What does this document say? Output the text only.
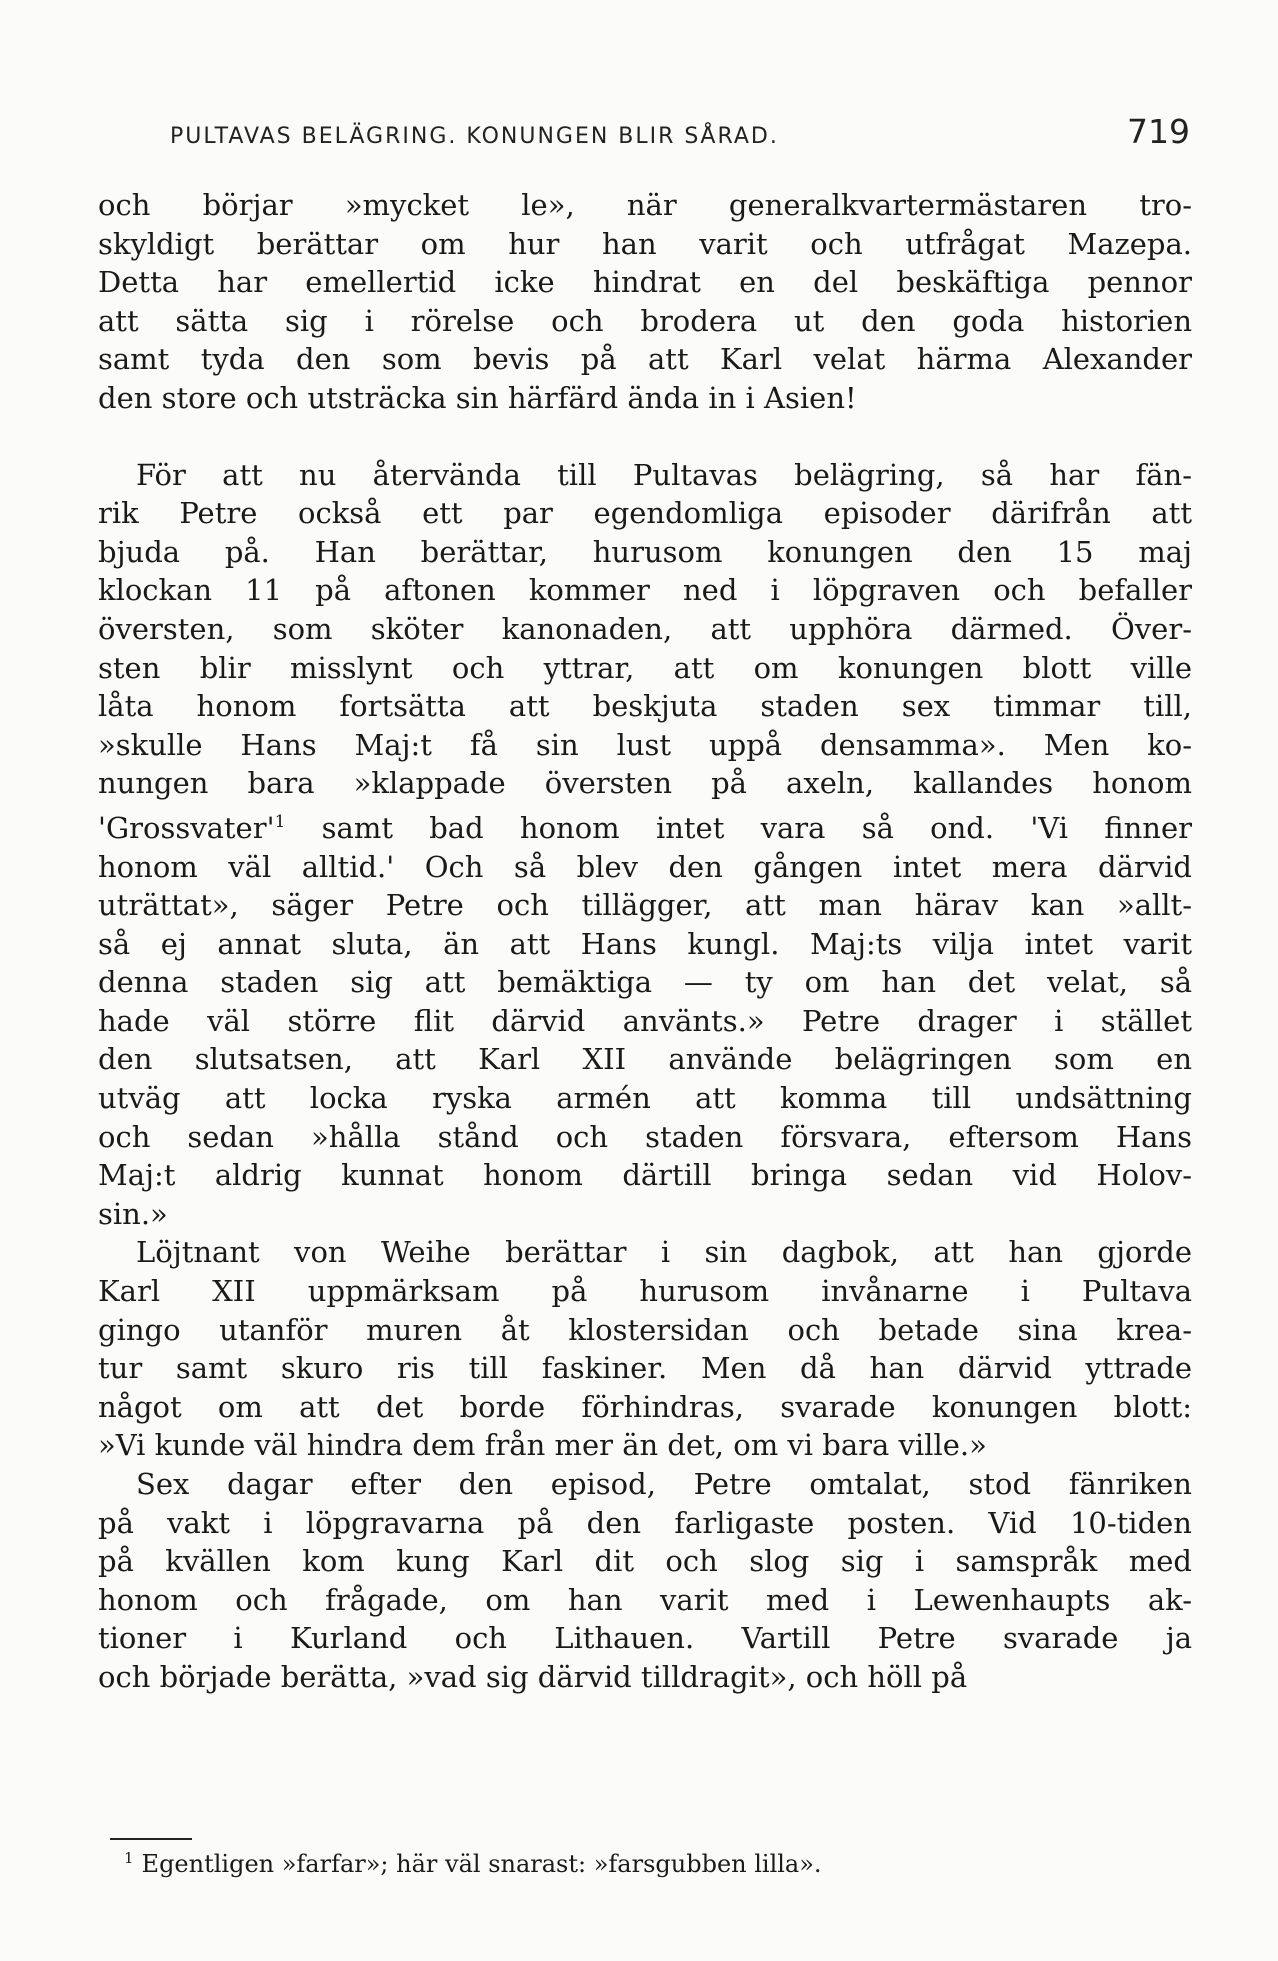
PULTAVAS BELÄGRING. KONUNGEN BLIR SÅRAD.	719
och börjar »mycket le», när generalkvartermästaren tro-
skyldigt berättar om hur han varit och utfrågat Mazepa.
Detta har emellertid icke hindrat en del beskäftiga pennor
att sätta sig i rörelse och brodera ut den goda historien
samt tyda den som bevis på att Karl velat härma Alexander
den store och utsträcka sin härfärd ända in i Asien!
För att nu återvända till Pultavas belägring, så har fän-
rik Petre också ett par egendomliga episoder därifrån att
bjuda på. Han berättar, hurusom konungen den 15 maj
klockan 11 på aftonen kommer ned i löpgraven och befaller
översten, som sköter kanonaden, att upphöra därmed. Över-
sten blir misslynt och yttrar, att om konungen blott ville
låta honom fortsätta att beskjuta staden sex timmar till,
»skulle Hans Maj:t få sin lust uppå densamma». Men ko-
nungen bara »klappade översten på axeln, kallandes honom
'$Grossvater'^1$ samt bad honom intet vara så ond. 'Vi finner
honom väl alltid.' Och så blev den gången intet mera därvid
uträttat», säger Petre och tillägger, att man härav kan »allt-
så ej annat sluta, än att Hans kungl. Maj:ts vilja intet varit
denna staden sig att bemäktiga — ty om han det velat, så
hade väl större flit därvid använts.» Petre drager i stället
den slutsatsen, att Karl XII använde belägringen som en
utväg att locka ryska armén att komma till undsättning
och sedan »hålla stånd och staden försvara, eftersom Hans
Maj:t aldrig kunnat honom därtill bringa sedan vid Holov-
sin.»
Löjtnant von Weihe berättar i sin dagbok, att han gjorde
Karl XII uppmärksam på hurusom invånarne i Pultava
gingo utanför muren åt klostersidan och betade sina krea-
tur samt skuro ris till faskiner. Men då han därvid yttrade
något om att det borde förhindras, svarade konungen blott:
»Vi kunde väl hindra dem från mer än det, om vi bara ville.»
Sex dagar efter den episod, Petre omtalat, stod fänriken
på vakt i löpgravarna på den farligaste posten. Vid 10-tiden
på kvällen kom kung Karl dit och slog sig i samspråk med
honom och frågade, om han varit med i Lewenhaupts ak-
tioner i Kurland och Lithauen. Vartill Petre svarade ja
och började berätta, »vad sig därvid tilldragit», och höll på
$^1$ Egentligen »farfar»; här väl snarast: »farsgubben lilla».
